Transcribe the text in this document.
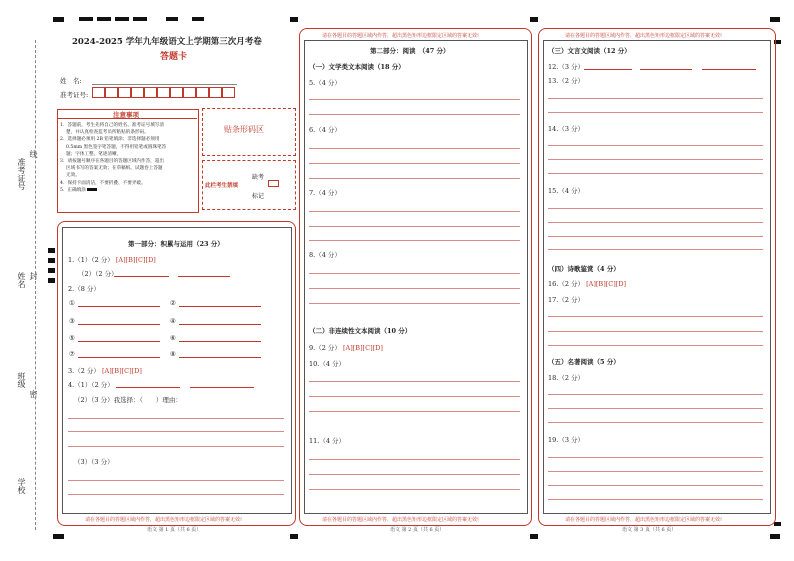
准考证号
线
姓名 封
班级
密
学校
2024-2025 学年九年级语文上学期第三次月考卷
答题卡
姓　名:
准考证号:
注意事项
1．答题前，考生先将自己的姓名、准考证号填写清
　 楚，并认真检查监考员所粘贴的条形码。
2．选择题必须用 2B 铅笔填涂；非选择题必须用
　 0.5mm 黑色签字笔答题，不得用铅笔或圆珠笔答
　 题；字体工整、笔迹清晰。
3．请按题号顺序在各题目的答题区域内作答，超出
　 区域书写的答案无效；在草稿纸、试题卷上答题
　 无效。
4．保持卡面清洁，不要折叠、不要弄破。
5．正确填涂
贴条形码区
此栏考生禁填
缺考
标记
请在各题目的答题区域内作答，超出黑色矩形边框限定区域的答案无效!
语文 第 1 页（共 6 页）
第一部分：积累与运用（23 分）
1.（1）（2 分） [A][B][C][D]
（2）（2 分）
2.（8 分）
①	②
③	④
⑤	⑥
⑦	⑧
3.（2 分） [A][B][C][D]
4.（1）（2 分）
（2）（3 分）我选择：（　　）理由：
（3）（3 分）
请在各题目的答题区域内作答，超出黑色矩形边框限定区域的答案无效!
请在各题目的答题区域内作答，超出黑色矩形边框限定区域的答案无效!
语文 第 2 页（共 6 页）
第二部分：阅读　（47 分）
（一）文学类文本阅读（18 分）
5.（4 分）
6.（4 分）
7.（4 分）
8.（4 分）
（二）非连续性文本阅读（10 分）
9.（2 分） [A][B][C][D]
10.（4 分）
11.（4 分）
请在各题目的答题区域内作答，超出黑色矩形边框限定区域的答案无效!
请在各题目的答题区域内作答，超出黑色矩形边框限定区域的答案无效!
语文 第 3 页（共 6 页）
（三）文言文阅读（12 分）
12.（3 分）
13.（2 分）
14.（3 分）
15.（4 分）
（四）诗歌鉴赏（4 分）
16.（2 分） [A][B][C][D]
17.（2 分）
（五）名著阅读（5 分）
18.（2 分）
19.（3 分）
